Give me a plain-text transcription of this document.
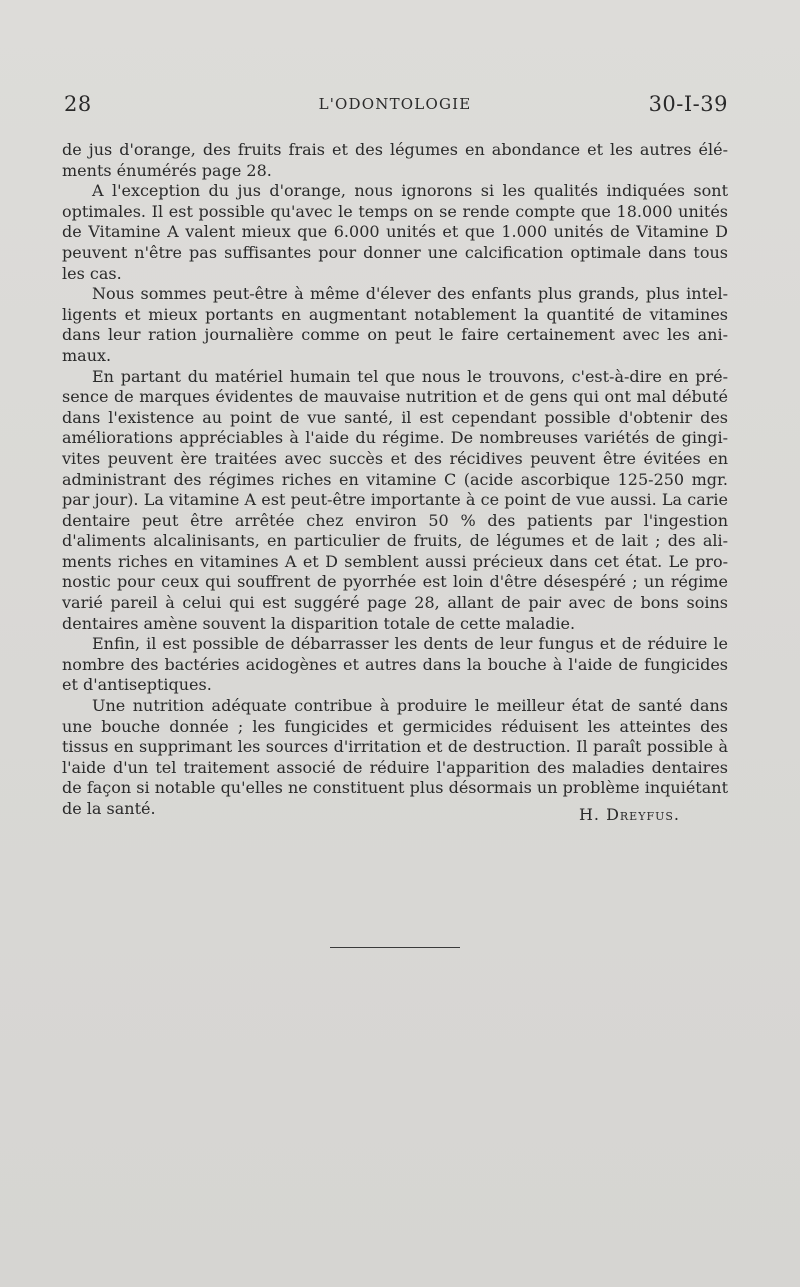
28	L'ODONTOLOGIE	30-I-39

de jus d'orange, des fruits frais et des légumes en abondance et les autres éléments énumérés page 28.

A l'exception du jus d'orange, nous ignorons si les qualités indiquées sont optimales. Il est possible qu'avec le temps on se rende compte que 18.000 unités de Vitamine A valent mieux que 6.000 unités et que 1.000 unités de Vitamine D peuvent n'être pas suffisantes pour donner une calcification optimale dans tous les cas.

Nous sommes peut-être à même d'élever des enfants plus grands, plus intelligents et mieux portants en augmentant notablement la quantité de vitamines dans leur ration journalière comme on peut le faire certainement avec les animaux.

En partant du matériel humain tel que nous le trouvons, c'est-à-dire en présence de marques évidentes de mauvaise nutrition et de gens qui ont mal débuté dans l'existence au point de vue santé, il est cependant possible d'obtenir des améliorations appréciables à l'aide du régime. De nombreuses variétés de gingivites peuvent ère traitées avec succès et des récidives peuvent être évitées en administrant des régimes riches en vitamine C (acide ascorbique 125-250 mgr. par jour). La vitamine A est peut-être importante à ce point de vue aussi. La carie dentaire peut être arrêtée chez environ 50 % des patients par l'ingestion d'aliments alcalinisants, en particulier de fruits, de légumes et de lait ; des aliments riches en vitamines A et D semblent aussi précieux dans cet état. Le pronostic pour ceux qui souffrent de pyorrhée est loin d'être désespéré ; un régime varié pareil à celui qui est suggéré page 28, allant de pair avec de bons soins dentaires amène souvent la disparition totale de cette maladie.

Enfin, il est possible de débarrasser les dents de leur fungus et de réduire le nombre des bactéries acidogènes et autres dans la bouche à l'aide de fungicides et d'antiseptiques.

Une nutrition adéquate contribue à produire le meilleur état de santé dans une bouche donnée ; les fungicides et germicides réduisent les atteintes des tissus en supprimant les sources d'irritation et de destruction. Il paraît possible à l'aide d'un tel traitement associé de réduire l'apparition des maladies dentaires de façon si notable qu'elles ne constituent plus désormais un problème inquiétant de la santé.	H. Dreyfus.
